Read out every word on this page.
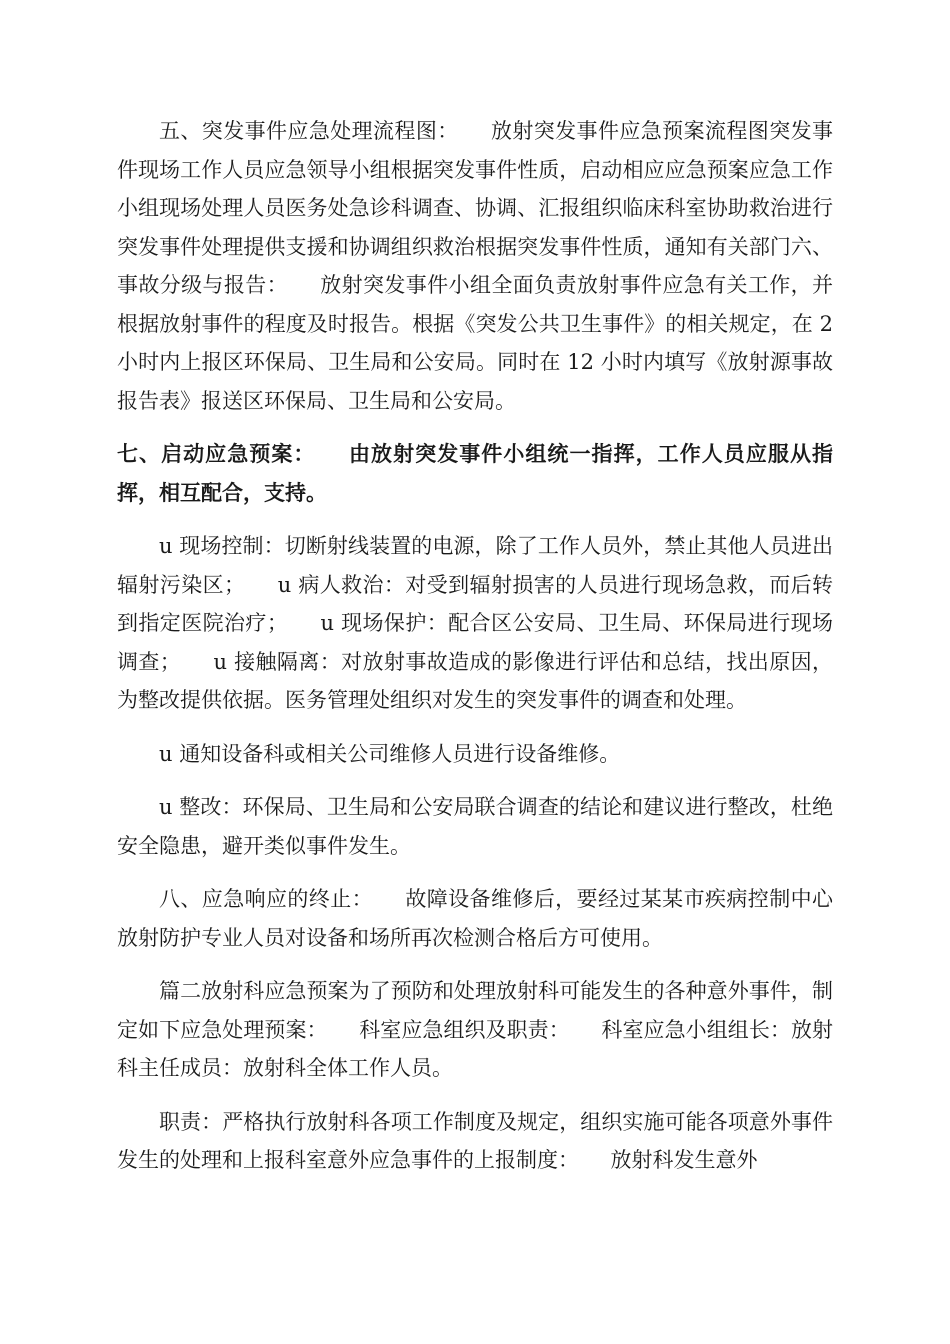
五、突发事件应急处理流程图：　　放射突发事件应急预案流程图突发事件现场工作人员应急领导小组根据突发事件性质，启动相应应急预案应急工作小组现场处理人员医务处急诊科调查、协调、汇报组织临床科室协助救治进行突发事件处理提供支援和协调组织救治根据突发事件性质，通知有关部门六、事故分级与报告：　　放射突发事件小组全面负责放射事件应急有关工作，并根据放射事件的程度及时报告。根据《突发公共卫生事件》的相关规定，在 2 小时内上报区环保局、卫生局和公安局。同时在 12 小时内填写《放射源事故报告表》报送区环保局、卫生局和公安局。

七、启动应急预案：　　由放射突发事件小组统一指挥，工作人员应服从指挥，相互配合，支持。

u 现场控制：切断射线装置的电源，除了工作人员外，禁止其他人员进出辐射污染区；　　u 病人救治：对受到辐射损害的人员进行现场急救，而后转到指定医院治疗；　　u 现场保护：配合区公安局、卫生局、环保局进行现场调查；　　u 接触隔离：对放射事故造成的影像进行评估和总结，找出原因，为整改提供依据。医务管理处组织对发生的突发事件的调查和处理。

u 通知设备科或相关公司维修人员进行设备维修。

u 整改：环保局、卫生局和公安局联合调查的结论和建议进行整改，杜绝安全隐患，避开类似事件发生。

八、应急响应的终止：　　故障设备维修后，要经过某某市疾病控制中心放射防护专业人员对设备和场所再次检测合格后方可使用。

篇二放射科应急预案为了预防和处理放射科可能发生的各种意外事件，制定如下应急处理预案：　　科室应急组织及职责：　　科室应急小组组长：放射科主任成员：放射科全体工作人员。

职责：严格执行放射科各项工作制度及规定，组织实施可能各项意外事件发生的处理和上报科室意外应急事件的上报制度：　　放射科发生意外
